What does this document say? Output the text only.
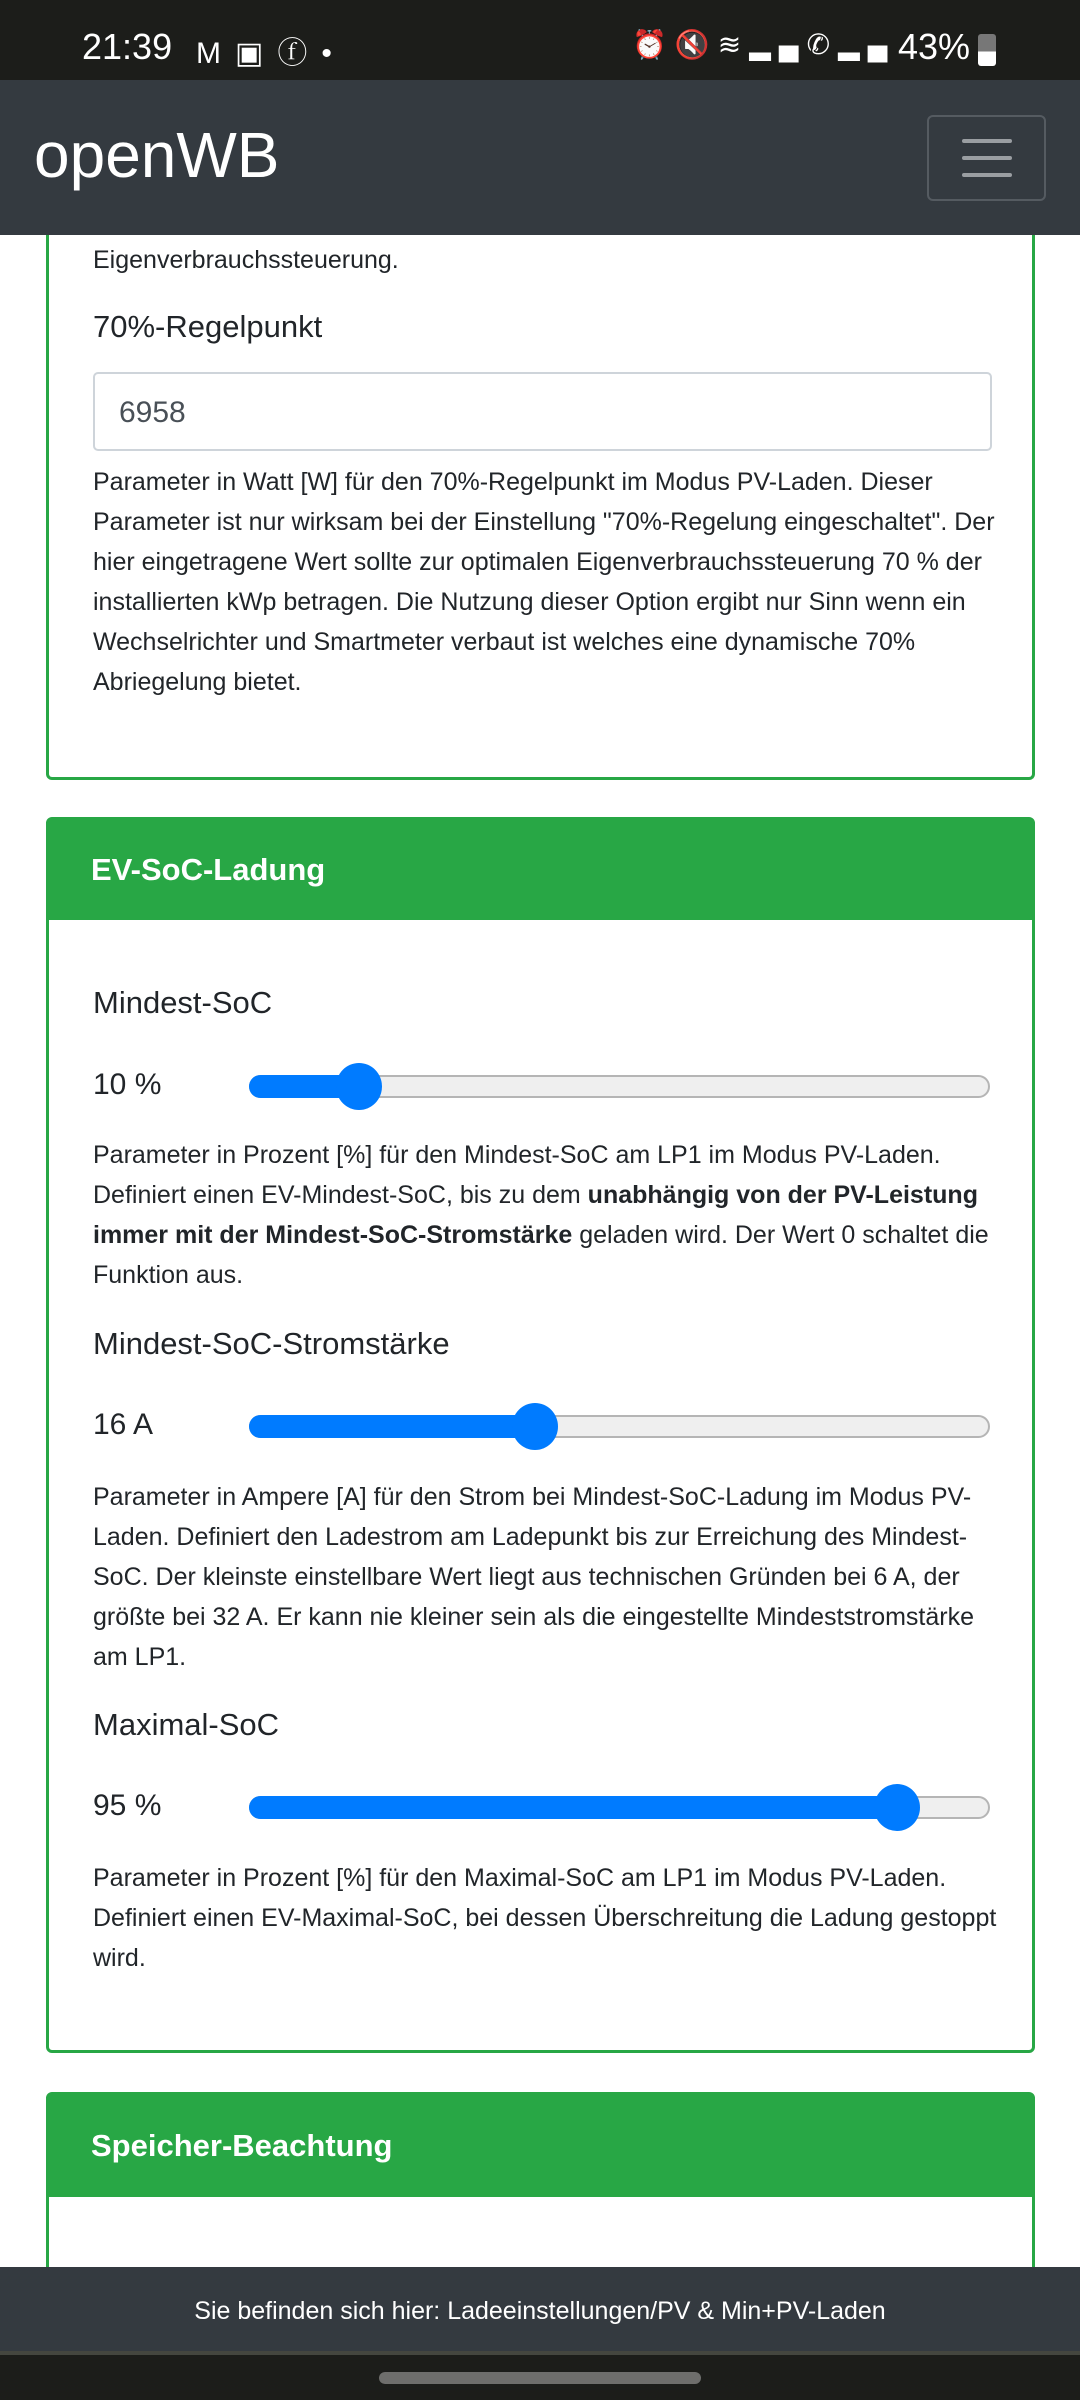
21:39 M▣ⓕ•	⏰🔇≋▂▄✆▂▄ 43%
openWB
Eigenverbrauchssteuerung.
70%-Regelpunkt
6958
Parameter in Watt [W] für den 70%-Regelpunkt im Modus PV-Laden. Dieser Parameter ist nur wirksam bei der Einstellung "70%-Regelung eingeschaltet". Der hier eingetragene Wert sollte zur optimalen Eigenverbrauchssteuerung 70 % der installierten kWp betragen. Die Nutzung dieser Option ergibt nur Sinn wenn ein Wechselrichter und Smartmeter verbaut ist welches eine dynamische 70% Abriegelung bietet.
EV-SoC-Ladung
Mindest-SoC
10 %
Parameter in Prozent [%] für den Mindest-SoC am LP1 im Modus PV-Laden. Definiert einen EV-Mindest-SoC, bis zu dem unabhängig von der PV-Leistung immer mit der Mindest-SoC-Stromstärke geladen wird. Der Wert 0 schaltet die Funktion aus.
Mindest-SoC-Stromstärke
16 A
Parameter in Ampere [A] für den Strom bei Mindest-SoC-Ladung im Modus PV-Laden. Definiert den Ladestrom am Ladepunkt bis zur Erreichung des Mindest-SoC. Der kleinste einstellbare Wert liegt aus technischen Gründen bei 6 A, der größte bei 32 A. Er kann nie kleiner sein als die eingestellte Mindeststromstärke am LP1.
Maximal-SoC
95 %
Parameter in Prozent [%] für den Maximal-SoC am LP1 im Modus PV-Laden. Definiert einen EV-Maximal-SoC, bei dessen Überschreitung die Ladung gestoppt wird.
Speicher-Beachtung
Sie befinden sich hier: Ladeeinstellungen/PV & Min+PV-Laden
